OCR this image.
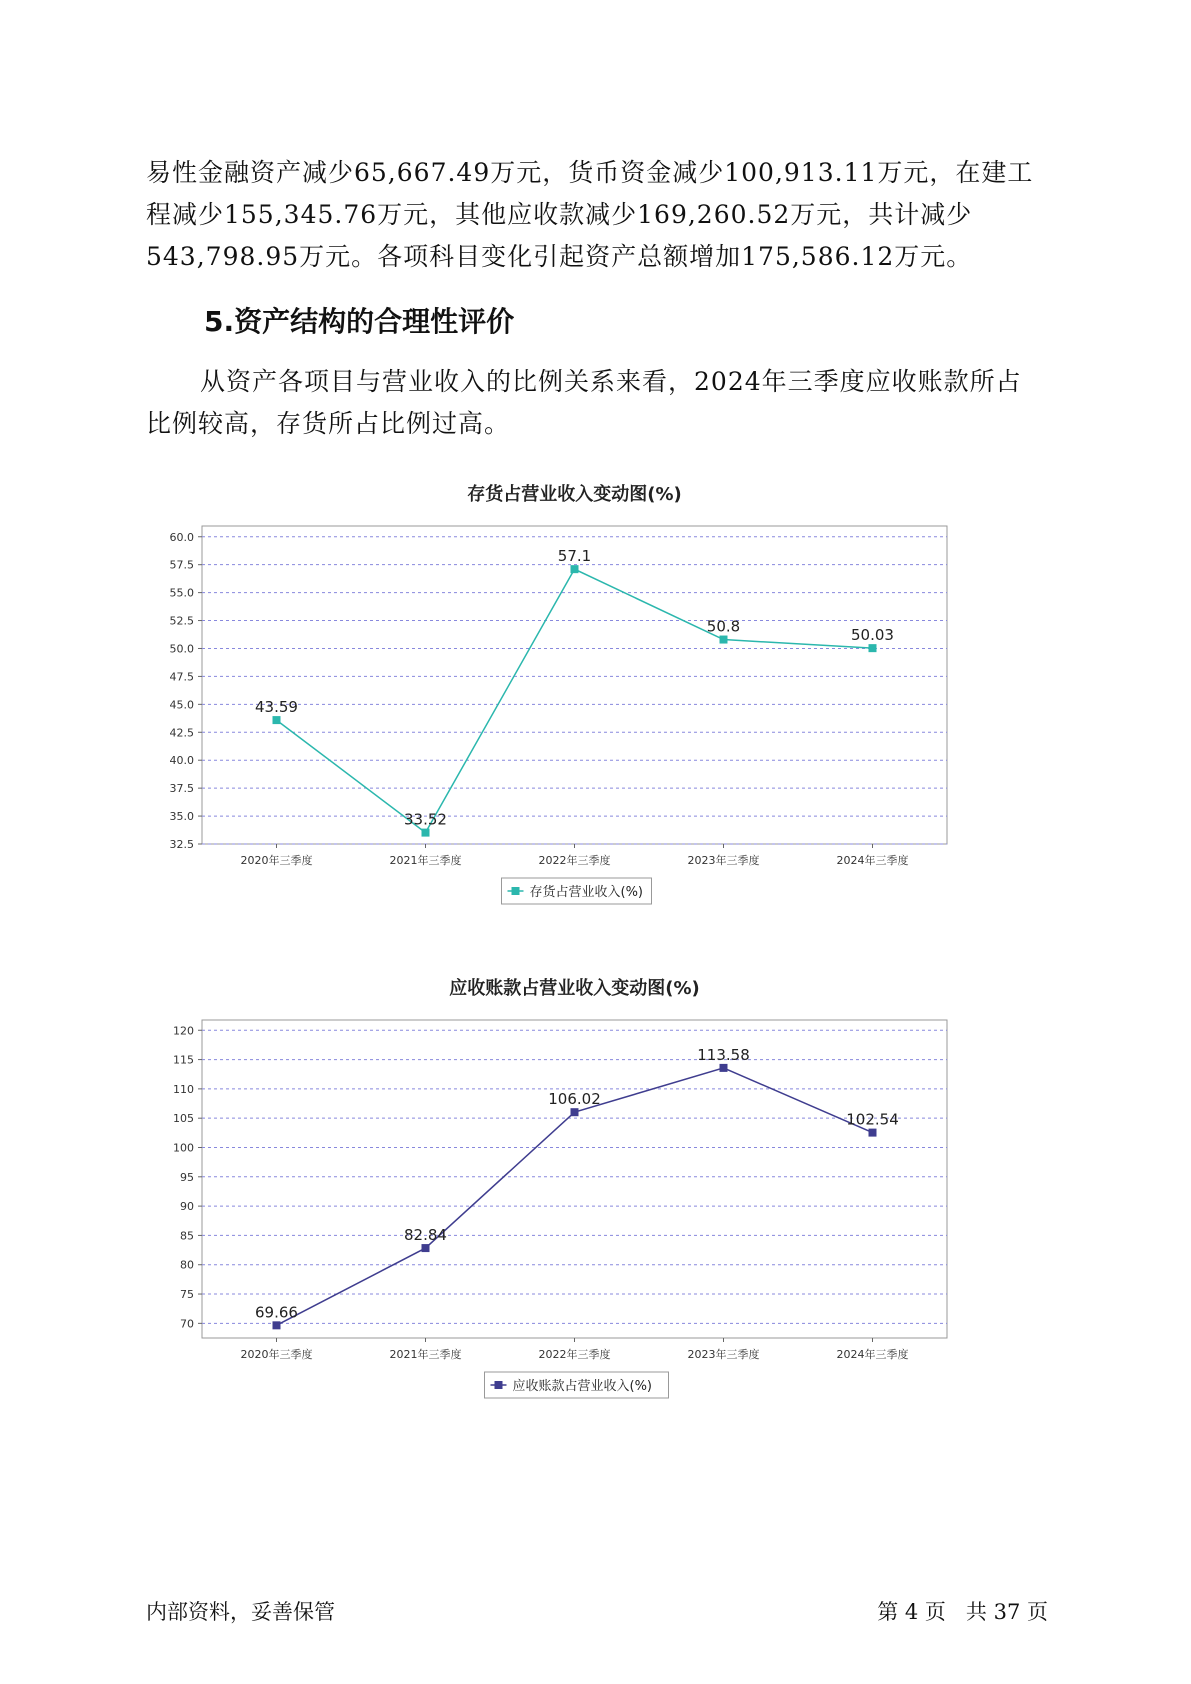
易性金融资产减少65,667.49万元，货币资金减少100,913.11万元，在建工程减少155,345.76万元，其他应收款减少169,260.52万元，共计减少543,798.95万元。各项科目变化引起资产总额增加175,586.12万元。

5.资产结构的合理性评价

从资产各项目与营业收入的比例关系来看，2024年三季度应收账款所占比例较高，存货所占比例过高。

存货占营业收入变动图(%)
32.5
35.0
37.5
40.0
42.5
45.0
47.5
50.0
52.5
55.0
57.5
60.0
2020年三季度	2021年三季度	2022年三季度	2023年三季度	2024年三季度
43.59
33.52
57.1
50.8	50.03
存货占营业收入(%)
应收账款占营业收入变动图(%)
70
75
80
85
90
95
100
105
110
115
120
2020年三季度	2021年三季度	2022年三季度	2023年三季度	2024年三季度
69.66
82.84
106.02
113.58
102.54
应收账款占营业收入(%)
内部资料，妥善保管	第 4 页   共 37 页
